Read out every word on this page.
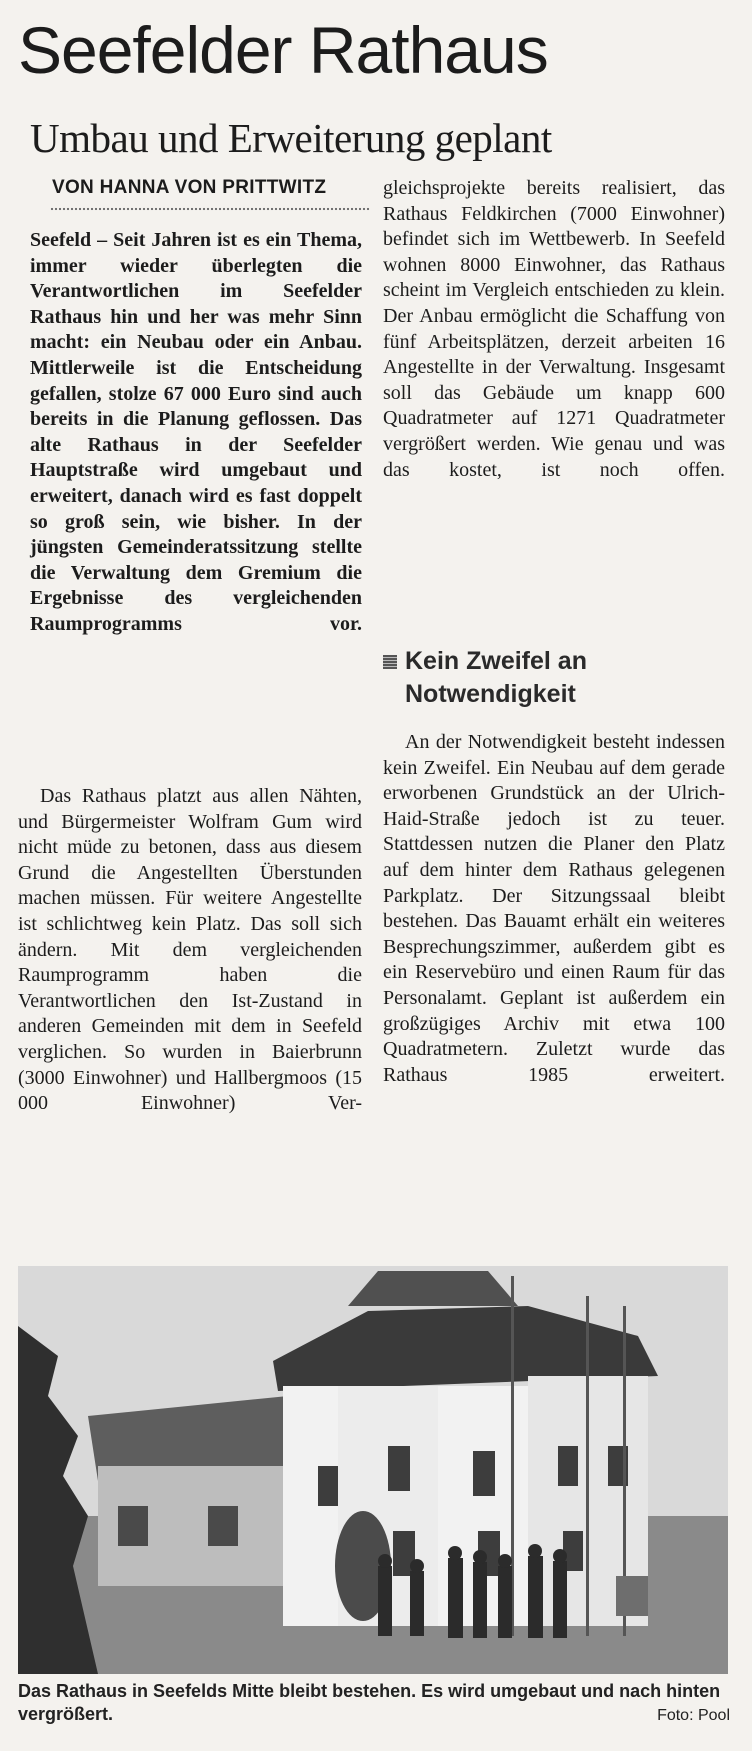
Seefelder Rathaus
Umbau und Erweiterung geplant
VON HANNA VON PRITTWITZ
Seefeld – Seit Jahren ist es ein Thema, immer wieder überlegten die Verantwortlichen im Seefelder Rathaus hin und her was mehr Sinn macht: ein Neubau oder ein Anbau. Mittlerweile ist die Entscheidung gefallen, stolze 67 000 Euro sind auch bereits in die Planung geflossen. Das alte Rathaus in der Seefelder Hauptstraße wird umgebaut und erweitert, danach wird es fast doppelt so groß sein, wie bisher. In der jüngsten Gemeinderatssitzung stellte die Verwaltung dem Gremium die Ergebnisse des vergleichenden Raumprogramms vor.
Das Rathaus platzt aus allen Nähten, und Bürgermeister Wolfram Gum wird nicht müde zu betonen, dass aus diesem Grund die Angestellten Überstunden machen müssen. Für weitere Angestellte ist schlichtweg kein Platz. Das soll sich ändern. Mit dem vergleichenden Raumprogramm haben die Verantwortlichen den Ist-Zustand in anderen Gemeinden mit dem in Seefeld verglichen. So wurden in Baierbrunn (3000 Einwohner) und Hallbergmoos (15 000 Einwohner) Ver-
gleichsprojekte bereits realisiert, das Rathaus Feldkirchen (7000 Einwohner) befindet sich im Wettbewerb. In Seefeld wohnen 8000 Einwohner, das Rathaus scheint im Vergleich entschieden zu klein. Der Anbau ermöglicht die Schaffung von fünf Arbeitsplätzen, derzeit arbeiten 16 Angestellte in der Verwaltung. Insgesamt soll das Gebäude um knapp 600 Quadratmeter auf 1271 Quadratmeter vergrößert werden. Wie genau und was das kostet, ist noch offen.
Kein Zweifel an Notwendigkeit
An der Notwendigkeit besteht indessen kein Zweifel. Ein Neubau auf dem gerade erworbenen Grundstück an der Ulrich-Haid-Straße jedoch ist zu teuer. Stattdessen nutzen die Planer den Platz auf dem hinter dem Rathaus gelegenen Parkplatz. Der Sitzungssaal bleibt bestehen. Das Bauamt erhält ein weiteres Besprechungszimmer, außerdem gibt es ein Reservebüro und einen Raum für das Personalamt. Geplant ist außerdem ein großzügiges Archiv mit etwa 100 Quadratmetern. Zuletzt wurde das Rathaus 1985 erweitert.
Das Rathaus in Seefelds Mitte bleibt bestehen. Es wird umgebaut und nach hinten vergrößert.	Foto: Pool
